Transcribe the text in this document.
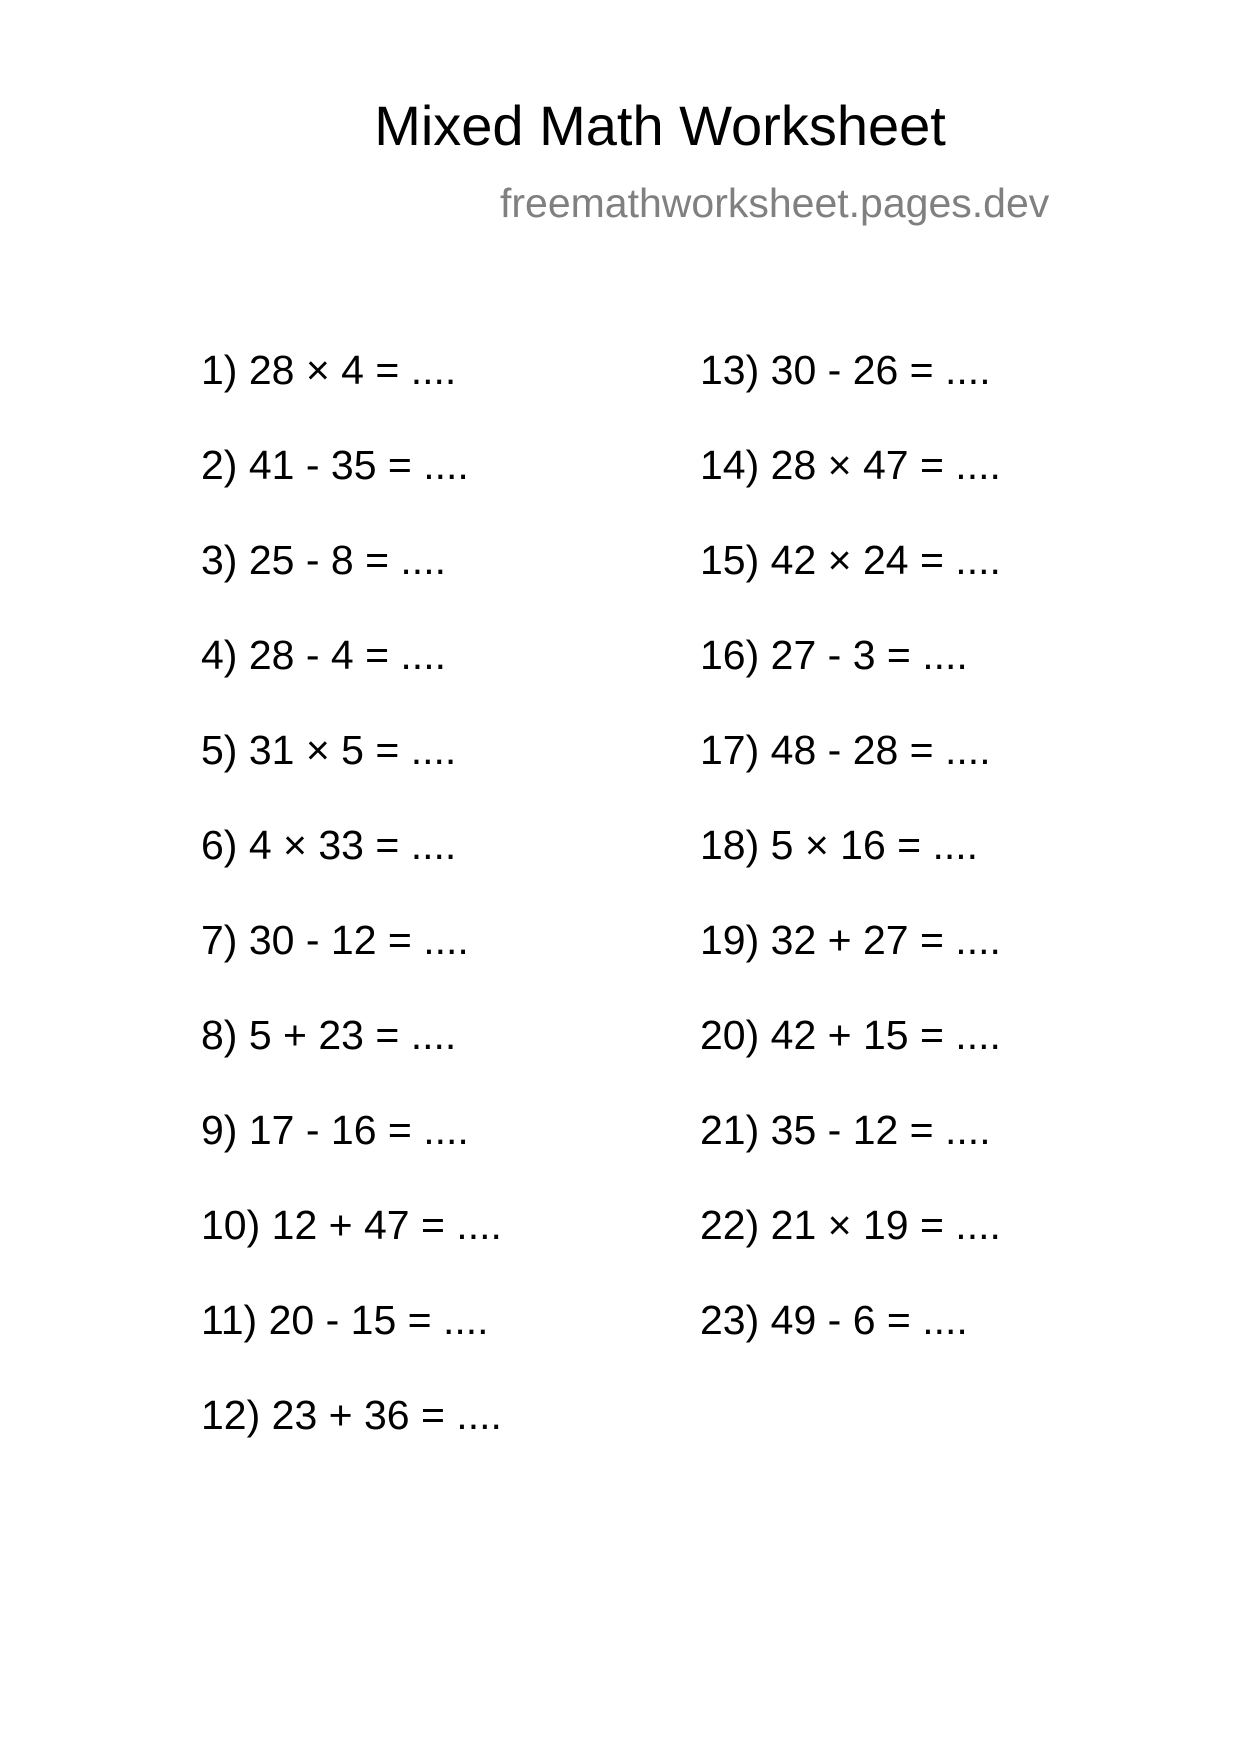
Mixed Math Worksheet
freemathworksheet.pages.dev
1) 28 × 4 = ....
2) 41 - 35 = ....
3) 25 - 8 = ....
4) 28 - 4 = ....
5) 31 × 5 = ....
6) 4 × 33 = ....
7) 30 - 12 = ....
8) 5 + 23 = ....
9) 17 - 16 = ....
10) 12 + 47 = ....
11) 20 - 15 = ....
12) 23 + 36 = ....
13) 30 - 26 = ....
14) 28 × 47 = ....
15) 42 × 24 = ....
16) 27 - 3 = ....
17) 48 - 28 = ....
18) 5 × 16 = ....
19) 32 + 27 = ....
20) 42 + 15 = ....
21) 35 - 12 = ....
22) 21 × 19 = ....
23) 49 - 6 = ....
